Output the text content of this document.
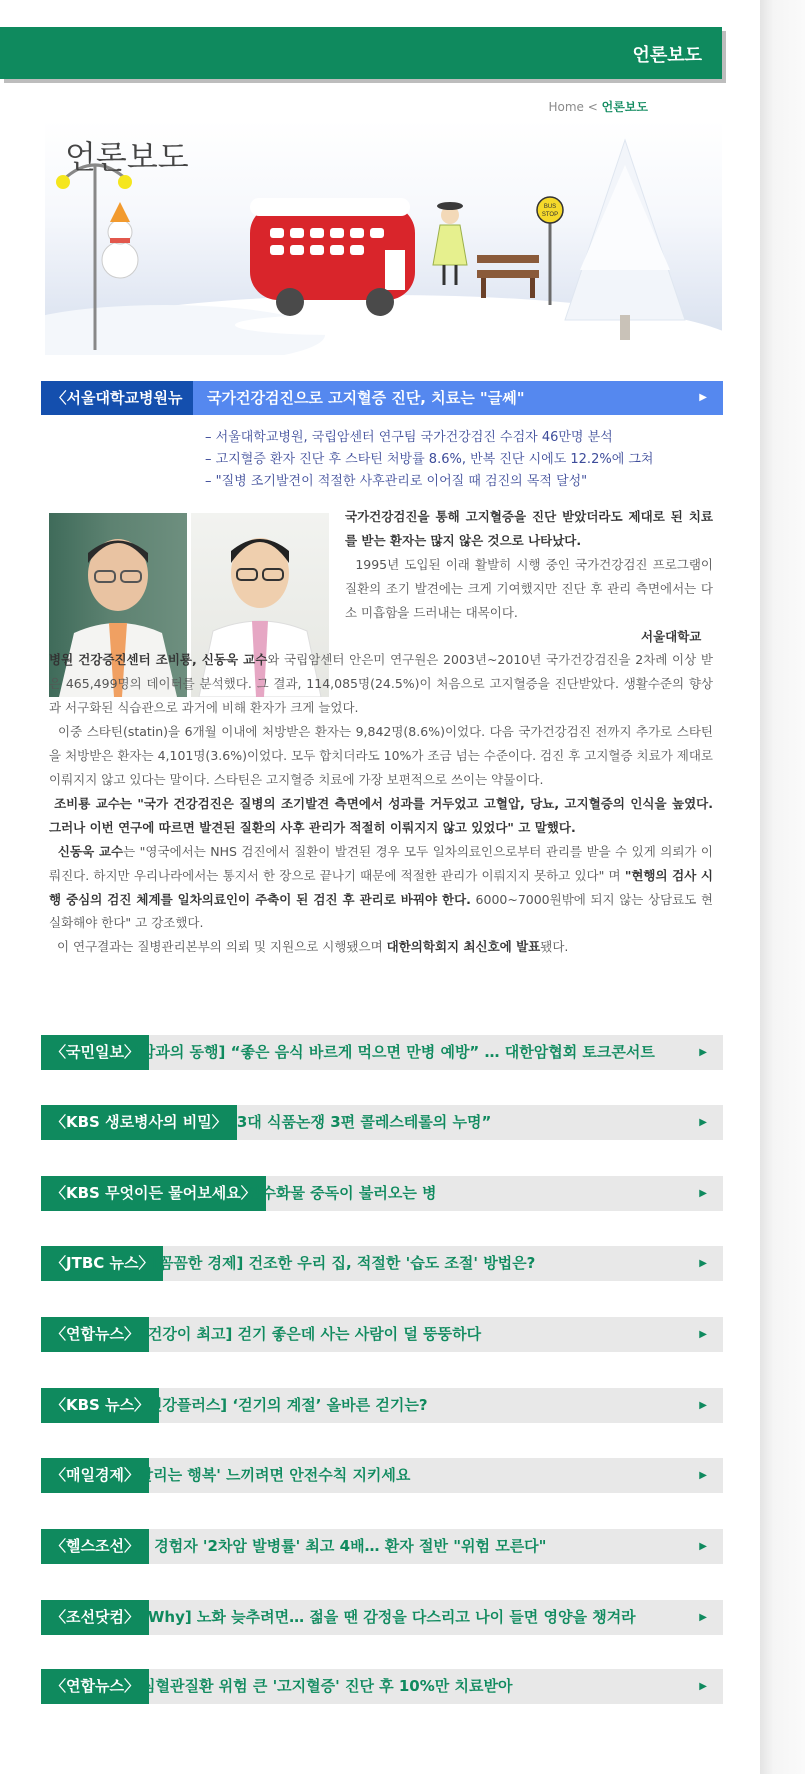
언론보도
Home < 언론보도
BUS
STOP
언론보도
〈서울대학교병원뉴스〉
국가건강검진으로 고지혈증 진단, 치료는 "글쎄"	▶
– 서울대학교병원, 국립암센터 연구팀 국가건강검진 수검자 46만명 분석
– 고지혈증 환자 진단 후 스타틴 처방률 8.6%, 반복 진단 시에도 12.2%에 그쳐
– "질병 조기발견이 적절한 사후관리로 이어질 때 검진의 목적 달성"

국가건강검진을 통해 고지혈증을 진단 받았더라도 제대로 된 치료를 받는 환자는 많지 않은 것으로 나타났다.

1995년 도입된 이래 활발히 시행 중인 국가건강검진 프로그램이 질환의 조기 발견에는 크게 기여했지만 진단 후 관리 측면에서는 다소 미흡함을 드러내는 대목이다.

서울대학교병원 건강증진센터 조비룡, 신동욱 교수와 국립암센터 안은미 연구원은 2003년~2010년 국가건강검진을 2차례 이상 받은 465,499명의 데이터를 분석했다. 그 결과, 114,085명(24.5%)이 처음으로 고지혈증을 진단받았다. 생활수준의 향상과 서구화된 식습관으로 과거에 비해 환자가 크게 늘었다.

이중 스타틴(statin)을 6개월 이내에 처방받은 환자는 9,842명(8.6%)이었다. 다음 국가건강검진 전까지 추가로 스타틴을 처방받은 환자는 4,101명(3.6%)이었다. 모두 합치더라도 10%가 조금 넘는 수준이다. 검진 후 고지혈증 치료가 제대로 이뤄지지 않고 있다는 말이다. 스타틴은 고지혈증 치료에 가장 보편적으로 쓰이는 약물이다.

조비룡 교수는 "국가 건강검진은 질병의 조기발견 측면에서 성과를 거두었고 고혈압, 당뇨, 고지혈증의 인식을 높였다. 그러나 이번 연구에 따르면 발견된 질환의 사후 관리가 적절히 이뤄지지 않고 있었다" 고 말했다.

신동욱 교수는 "영국에서는 NHS 검진에서 질환이 발견된 경우 모두 일차의료인으로부터 관리를 받을 수 있게 의뢰가 이뤄진다. 하지만 우리나라에서는 통지서 한 장으로 끝나기 때문에 적절한 관리가 이뤄지지 못하고 있다" 며 "현행의 검사 시행 중심의 검진 체계를 일차의료인이 주축이 된 검진 후 관리로 바꿔야 한다. 6000~7000원밖에 되지 않는 상담료도 현실화해야 한다" 고 강조했다.

이 연구결과는 질병관리본부의 의뢰 및 지원으로 시행됐으며 대한의학회지 최신호에 발표됐다.

〈국민일보〉
[암과의 동행] “좋은 음식 바르게 먹으면 만병 예방” … 대한암협회 토크콘서트	▶
〈KBS 생로병사의 비밀〉 “3대 식품논쟁 3편 콜레스테롤의 누명”	▶
〈KBS 무엇이든 물어보세요〉
탄수화물 중독이 불러오는 병	▶
〈JTBC 뉴스〉
[꼼꼼한 경제] 건조한 우리 집, 적절한 '습도 조절' 방법은?	▶
〈연합뉴스〉 [건강이 최고] 걷기 좋은데 사는 사람이 덜 뚱뚱하다	▶
〈KBS 뉴스〉
[건강플러스] ‘걷기의 계절’ 올바른 걷기는?	▶
〈매일경제〉
'달리는 행복' 느끼려면 안전수칙 지키세요	▶
〈헬스조선〉
癌 경험자 '2차암 발병률' 최고 4배… 환자 절반 "위험 모른다"	▶
〈조선닷컴〉 [Why] 노화 늦추려면… 젊을 땐 감정을 다스리고 나이 들면 영양을 챙겨라	▶
〈연합뉴스〉 심혈관질환 위험 큰 '고지혈증' 진단 후 10%만 치료받아	▶
